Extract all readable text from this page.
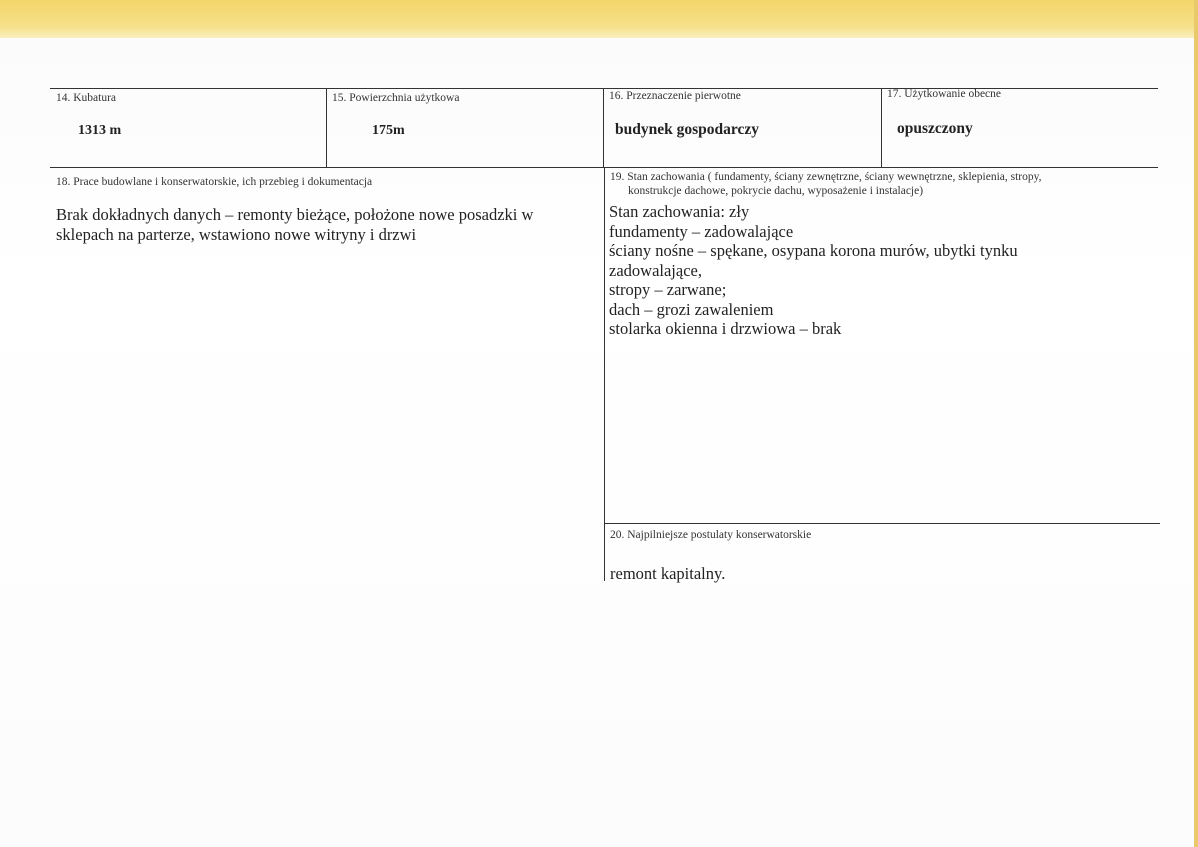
14. Kubatura
1313 m
15. Powierzchnia użytkowa
175m
16. Przeznaczenie pierwotne
budynek gospodarczy
17. Użytkowanie obecne
opuszczony
18. Prace budowlane i konserwatorskie, ich przebieg i dokumentacja
Brak dokładnych danych – remonty bieżące, położone nowe posadzki w
sklepach na parterze, wstawiono nowe witryny i drzwi
19. Stan zachowania ( fundamenty, ściany zewnętrzne, ściany wewnętrzne, sklepienia, stropy,
konstrukcje dachowe, pokrycie dachu, wyposażenie i instalacje)
Stan zachowania: zły
fundamenty – zadowalające
ściany nośne – spękane, osypana korona murów, ubytki tynku
zadowalające,
stropy – zarwane;
dach – grozi zawaleniem
stolarka okienna i drzwiowa – brak
20. Najpilniejsze postulaty konserwatorskie
remont kapitalny.
